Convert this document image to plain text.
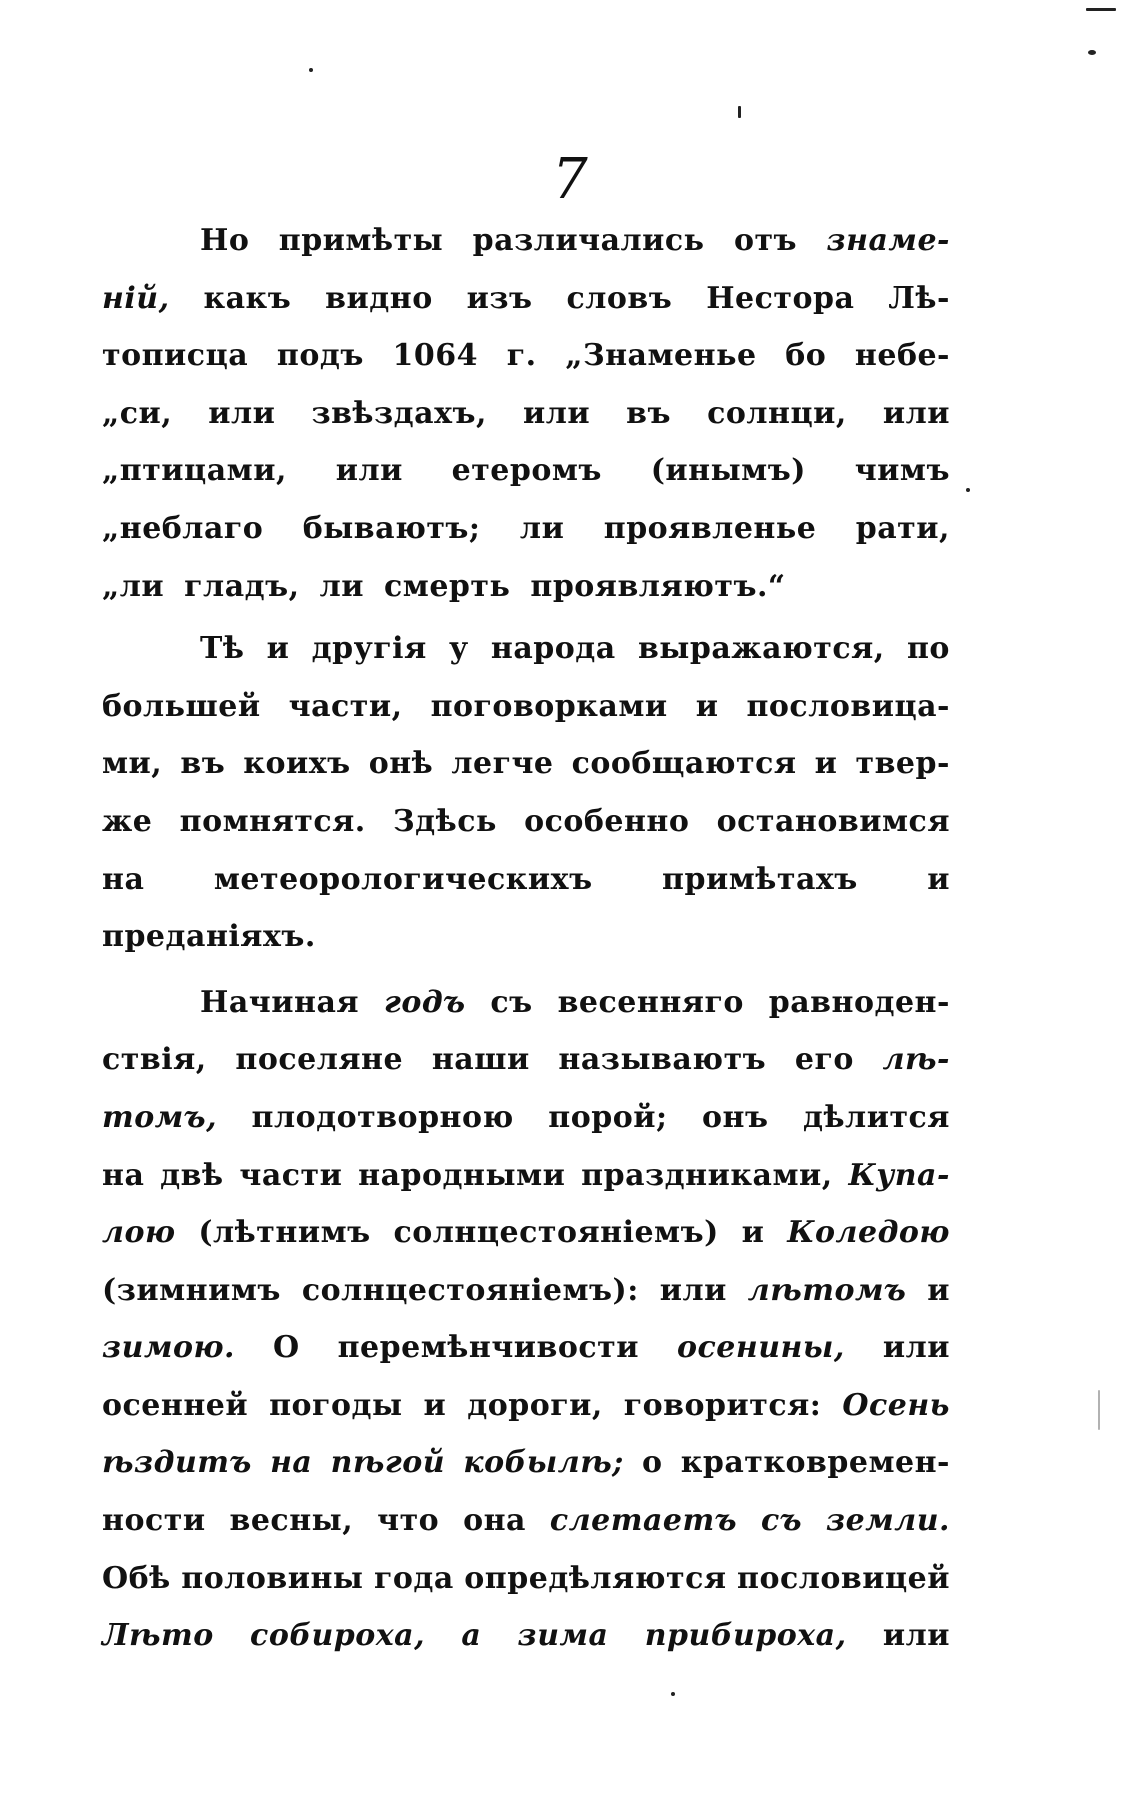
7
Но примѣты различались отъ знаме-
ній, какъ видно изъ словъ Нестора Лѣ-
тописца подъ 1064 г. „Знаменье бо небе-
„си, или звѣздахъ, или въ солнци, или
„птицами, или етеромъ (инымъ) чимъ
„неблаго бываютъ; ли проявленье рати,
„ли гладъ, ли смерть проявляютъ.“
Тѣ и другія у народа выражаются, по
большей части, поговорками и пословица-
ми, въ коихъ онѣ легче сообщаются и твер-
же помнятся. Здѣсь особенно остановимся
на метеорологическихъ примѣтахъ и
преданіяхъ.
Начиная годъ съ весенняго равноден-
ствія, поселяне наши называютъ его лѣ-
томъ, плодотворною порой; онъ дѣлится
на двѣ части народными праздниками, Купа-
лою (лѣтнимъ солнцестояніемъ) и Коледою
(зимнимъ солнцестояніемъ): или лѣтомъ и
зимою. О перемѣнчивости осенины, или
осенней погоды и дороги, говорится: Осень
ѣздитъ на пѣгой кобылѣ; о кратковремен-
ности весны, что она слетаетъ съ земли.
Обѣ половины года опредѣляются пословицей
Лѣто собироха, а зима прибироха, или
